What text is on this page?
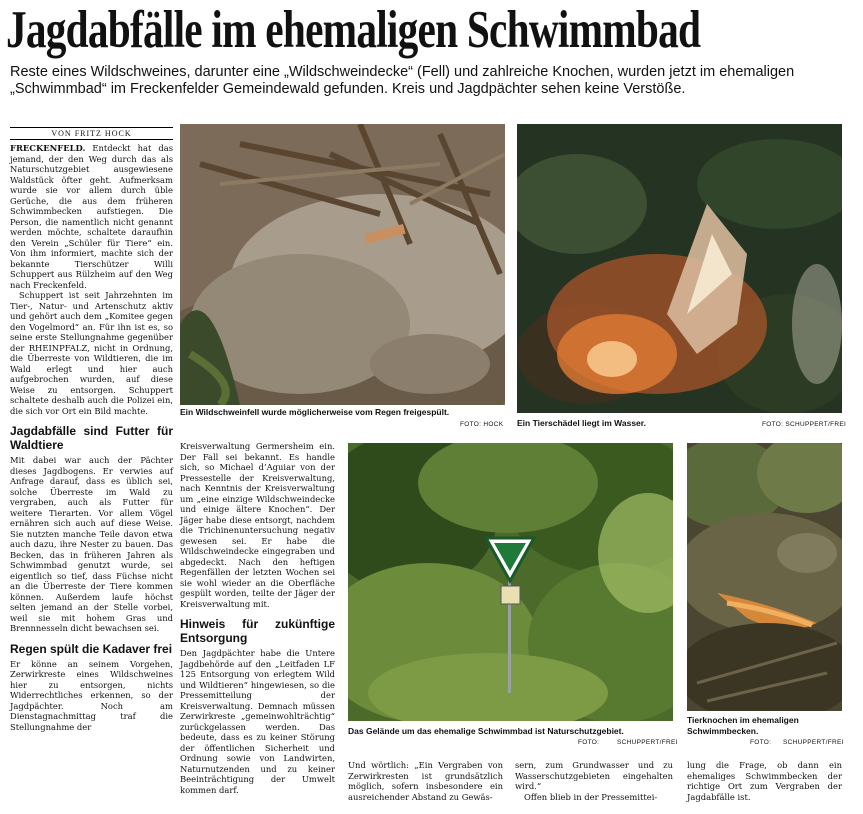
Jagdabfälle im ehemaligen Schwimmbad
Reste eines Wildschweines, darunter eine „Wildschweindecke“ (Fell) und zahlreiche Knochen, wurden jetzt im ehemaligen „Schwimmbad“ im Freckenfelder Gemeindewald gefunden. Kreis und Jagdpächter sehen keine Verstöße.
VON FRITZ HOCK

FRECKENFELD. Entdeckt hat das jemand, der den Weg durch das als Naturschutzgebiet ausgewiesene Waldstück öfter geht. Aufmerksam wurde sie vor allem durch üble Gerüche, die aus dem früheren Schwimmbecken aufstiegen. Die Person, die namentlich nicht genannt werden möchte, schaltete daraufhin den Verein „Schüler für Tiere“ ein. Von ihm informiert, machte sich der bekannte Tierschützer Willi Schuppert aus Rülzheim auf den Weg nach Freckenfeld.

Schuppert ist seit Jahrzehnten im Tier-, Natur- und Artenschutz aktiv und gehört auch dem „Komitee gegen den Vogelmord“ an. Für ihn ist es, so seine erste Stellungnahme gegenüber der RHEINPFALZ, nicht in Ordnung, die Überreste von Wildtieren, die im Wald erlegt und hier auch aufgebrochen wurden, auf diese Weise zu entsorgen. Schuppert schaltete deshalb auch die Polizei ein, die sich vor Ort ein Bild machte.

Jagdabfälle sind Futter für Waldtiere

Mit dabei war auch der Pächter dieses Jagdbogens. Er verwies auf Anfrage darauf, dass es üblich sei, solche Überreste im Wald zu vergraben, auch als Futter für weitere Tierarten. Vor allem Vögel ernähren sich auch auf diese Weise. Sie nutzten manche Teile davon etwa auch dazu, ihre Nester zu bauen. Das Becken, das in früheren Jahren als Schwimmbad genutzt wurde, sei eigentlich so tief, dass Füchse nicht an die Überreste der Tiere kommen können. Außerdem laufe höchst selten jemand an der Stelle vorbei, weil sie mit hohem Gras und Brennnesseln dicht bewachsen sei.

Regen spült die Kadaver frei

Er könne an seinem Vorgehen, Zerwirkreste eines Wildschweines hier zu entsorgen, nichts Widerrechtliches erkennen, so der Jagdpächter. Noch am Dienstagnachmittag traf die Stellungnahme der

Ein Wildschweinfell wurde möglicherweise vom Regen freigespült.
FOTO: HOCK Ein Tierschädel liegt im Wasser.	FOTO: SCHUPPERT/FREI

Kreisverwaltung Germersheim ein. Der Fall sei bekannt. Es handle sich, so Michael d’Aguiar von der Pressestelle der Kreisverwaltung, nach Kenntnis der Kreisverwaltung um „eine einzige Wildschweindecke und einige ältere Knochen“. Der Jäger habe diese entsorgt, nachdem die Trichinenuntersuchung negativ gewesen sei. Er habe die Wildschweindecke eingegraben und abgedeckt. Nach den heftigen Regenfällen der letzten Wochen sei sie wohl wieder an die Oberfläche gespült worden, teilte der Jäger der Kreisverwaltung mit.

Hinweis für zukünftige Entsorgung

Den Jagdpächter habe die Untere Jagdbehörde auf den „Leitfaden LF 125 Entsorgung von erlegtem Wild und Wildtieren“ hingewiesen, so die Pressemitteilung der Kreisverwaltung. Demnach müssen Zerwirkreste „gemeinwohlträchtig“ zurückgelassen werden. Das bedeute, dass es zu keiner Störung der öffentlichen Sicherheit und Ordnung sowie von Landwirten, Naturnutzenden und zu keiner Beeinträchtigung der Umwelt kommen darf.

Das Gelände um das ehemalige Schwimmbad ist Naturschutzgebiet.
FOTO:	SCHUPPERT/FREI
Tierknochen im ehemaligen Schwimmbecken.
FOTO: SCHUPPERT/FREI

Und wörtlich: „Ein Vergraben von Zerwirkresten ist grundsätzlich möglich, sofern insbesondere ein ausreichender Abstand zu Gewäs-

sern, zum Grundwasser und zu Wasserschutzgebieten eingehalten wird.“

Offen blieb in der Pressemittei-

lung die Frage, ob dann ein ehemaliges Schwimmbecken der richtige Ort zum Vergraben der Jagdabfälle ist.
